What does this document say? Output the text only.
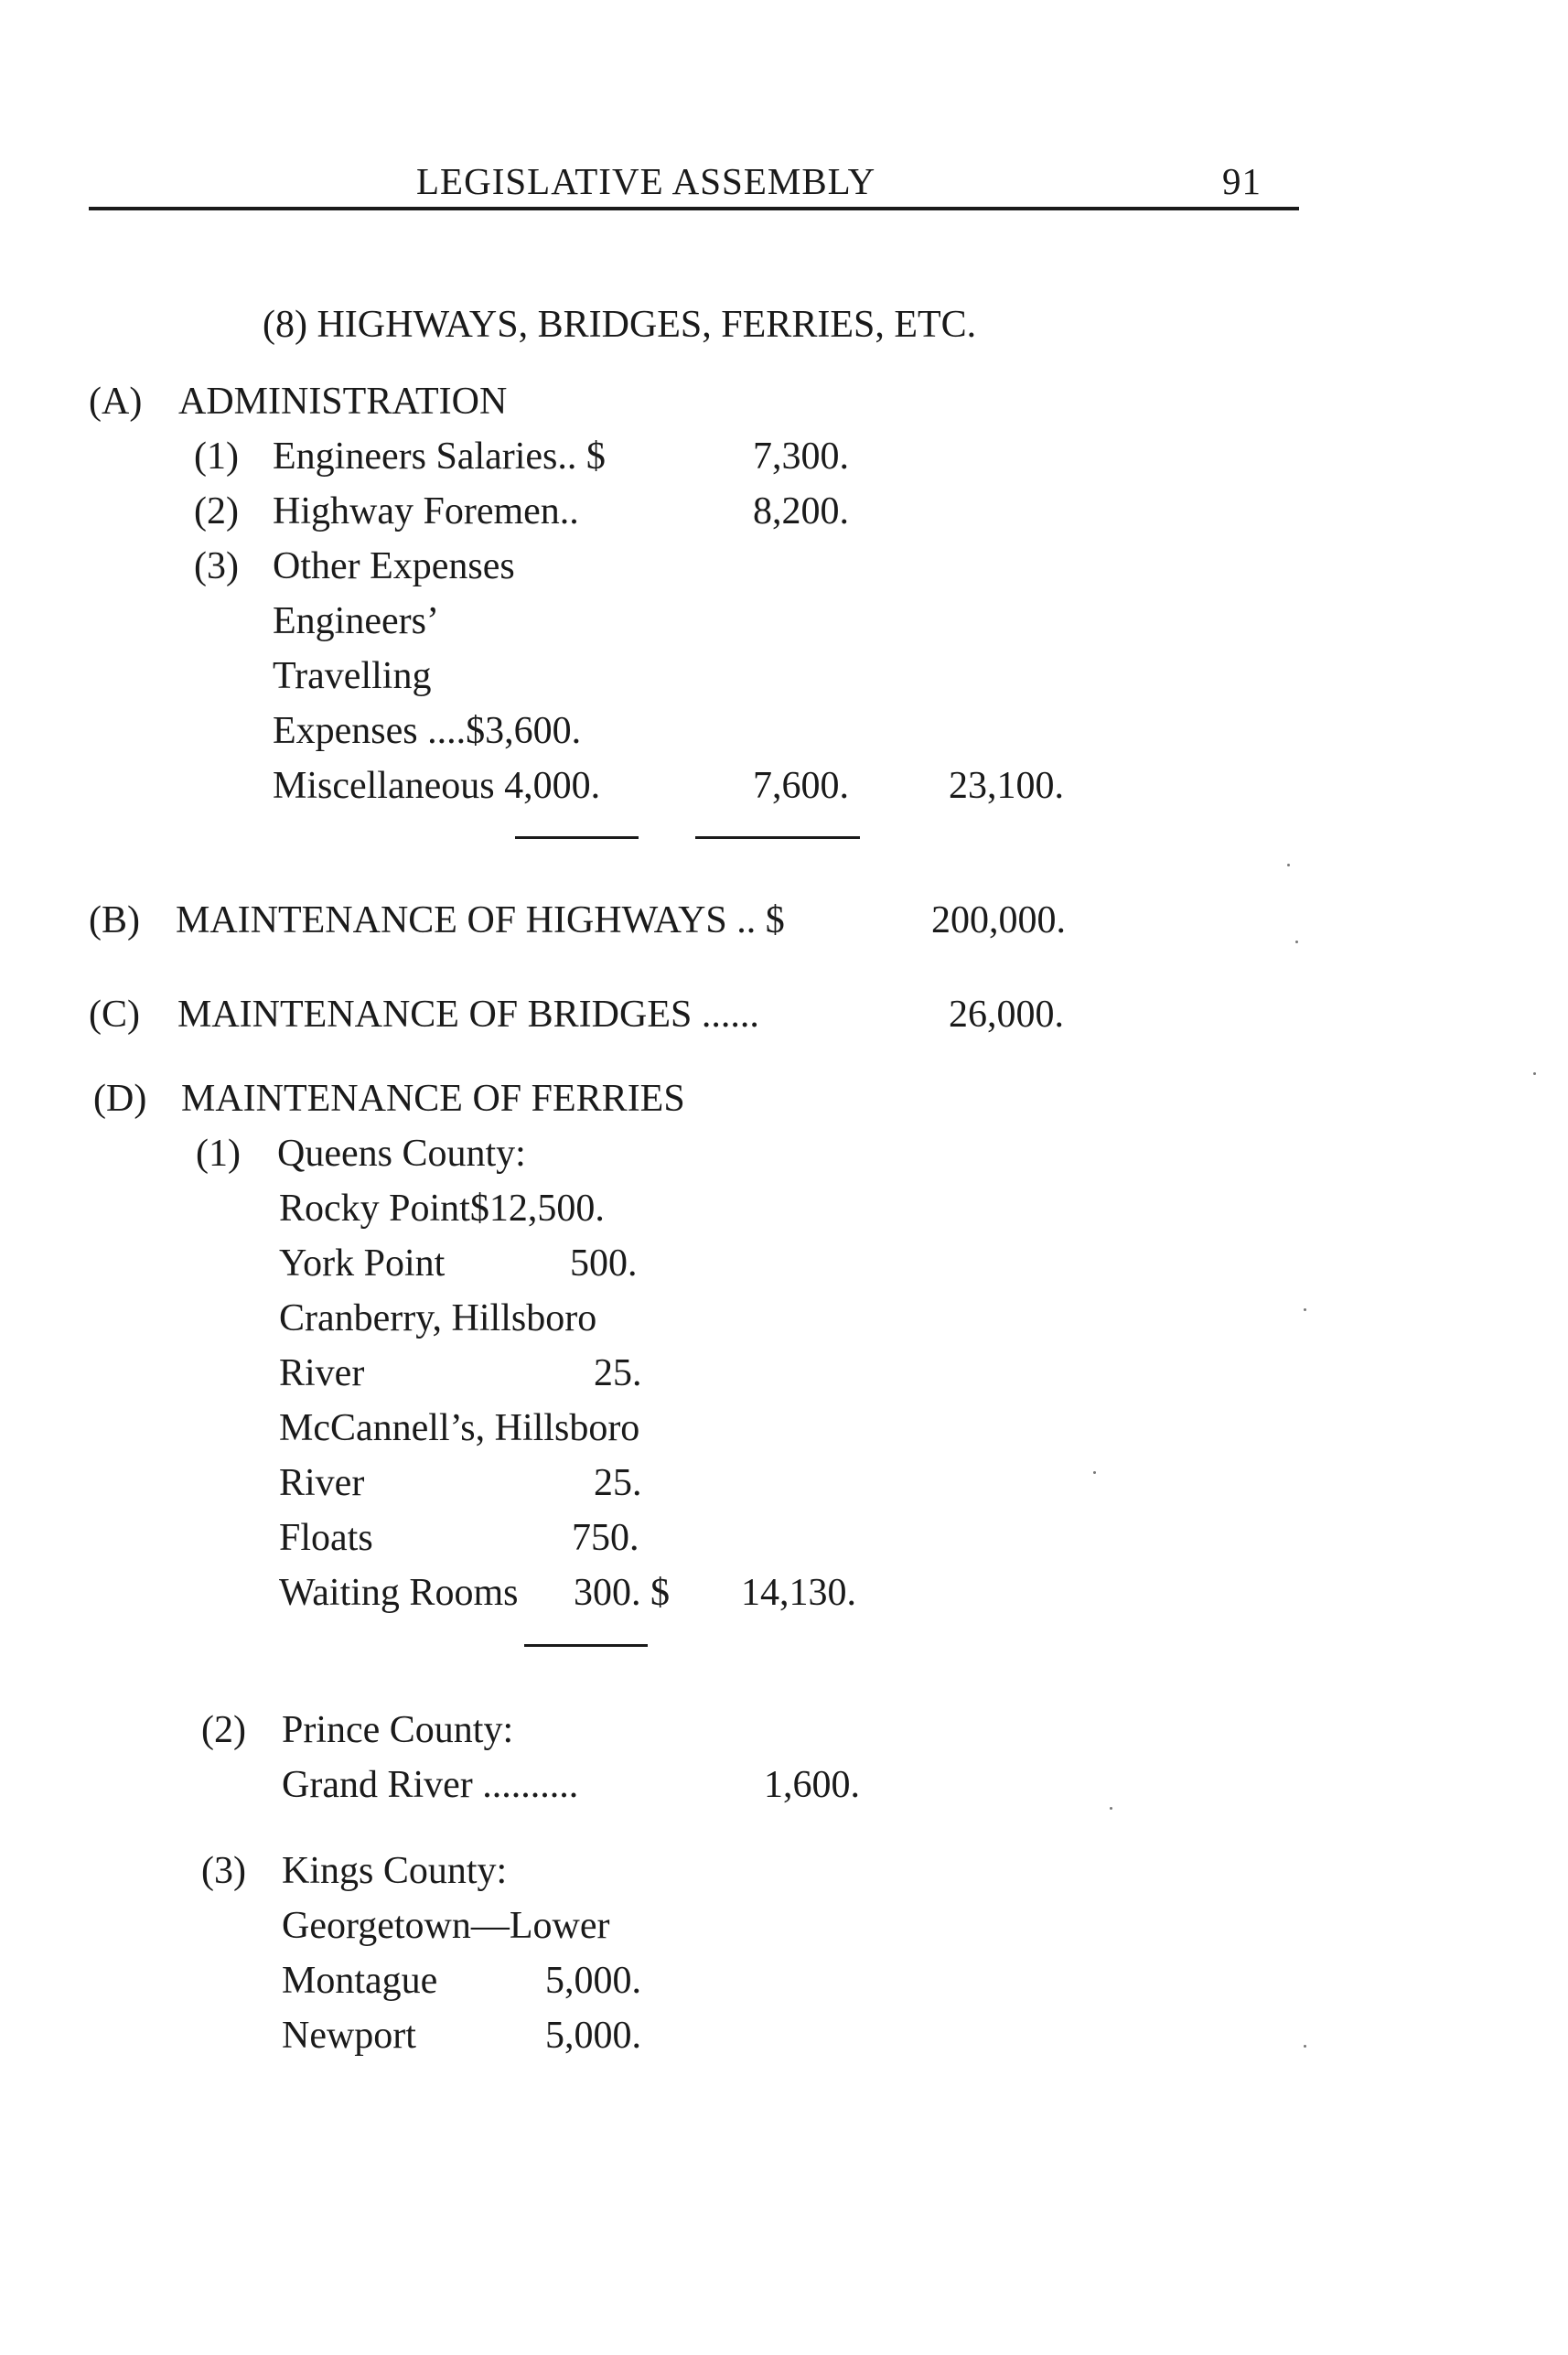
LEGISLATIVE ASSEMBLY	91
(8) HIGHWAYS, BRIDGES, FERRIES, ETC.
(A) ADMINISTRATION
(1) Engineers Salaries.. $	7,300.
(2) Highway Foremen..	8,200.
(3) Other Expenses
Engineers’
Travelling
Expenses ....$3,600.
Miscellaneous 4,000.	7,600.	23,100.
(B) MAINTENANCE OF HIGHWAYS .. $	200,000.
(C) MAINTENANCE OF BRIDGES ......	26,000.
(D) MAINTENANCE OF FERRIES
(1) Queens County:
Rocky Point$12,500.
York Point	500.
Cranberry, Hillsboro
River	25.
McCannell’s, Hillsboro
River	25.
Floats	750.
Waiting Rooms 300. $ 14,130.
(2) Prince County:
Grand River ..........	1,600.
(3) Kings County:
Georgetown—Lower
Montague	5,000.
Newport	5,000.
